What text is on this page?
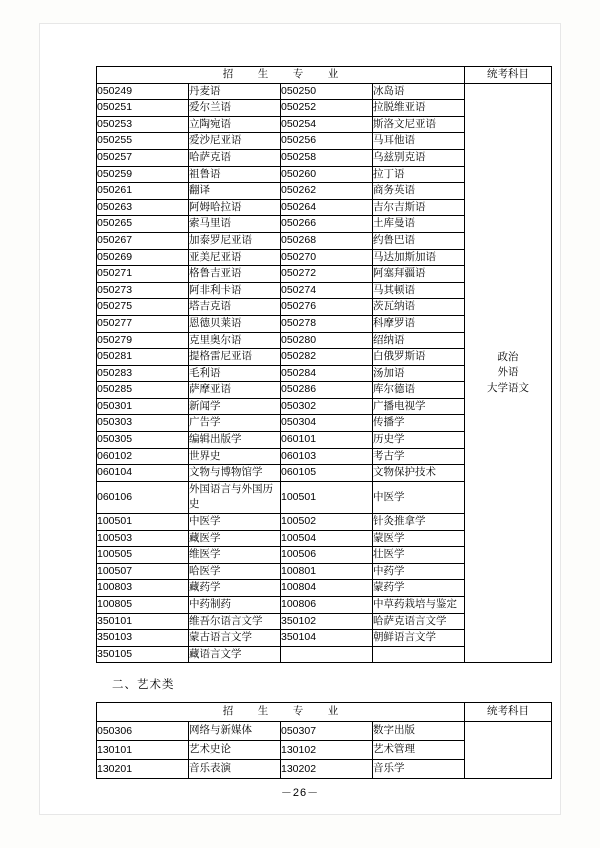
招　生　专　业				统考科目
050249	丹麦语	050250	冰岛语	政治
外语
大学语文

050251	爱尔兰语	050252	拉脱维亚语	
050253	立陶宛语	050254	斯洛文尼亚语	
050255	爱沙尼亚语	050256	马耳他语	
050257	哈萨克语	050258	乌兹别克语	
050259	祖鲁语	050260	拉丁语	
050261	翻译	050262	商务英语	
050263	阿姆哈拉语	050264	吉尔吉斯语	
050265	索马里语	050266	土库曼语	
050267	加泰罗尼亚语	050268	约鲁巴语	
050269	亚美尼亚语	050270	马达加斯加语	
050271	格鲁吉亚语	050272	阿塞拜疆语	
050273	阿非利卡语	050274	马其顿语	
050275	塔吉克语	050276	茨瓦纳语	
050277	恩德贝莱语	050278	科摩罗语	
050279	克里奥尔语	050280	绍纳语	
050281	提格雷尼亚语	050282	白俄罗斯语	
050283	毛利语	050284	汤加语	
050285	萨摩亚语	050286	库尔德语	
050301	新闻学	050302	广播电视学	
050303	广告学	050304	传播学	
050305	编辑出版学	060101	历史学	
060102	世界史	060103	考古学	
060104	文物与博物馆学	060105	文物保护技术	
060106	外国语言与外国历史	100501	中医学	
100501	中医学	100502	针灸推拿学	
100503	藏医学	100504	蒙医学	
100505	维医学	100506	壮医学	
100507	哈医学	100801	中药学	
100803	藏药学	100804	蒙药学	
100805	中药制药	100806	中草药栽培与鉴定	
350101	维吾尔语言文学	350102	哈萨克语言文学	
350103	蒙古语言文学	350104	朝鲜语言文学	
350105	藏语言文学			
二、艺术类
招　生　专　业				统考科目
050306	网络与新媒体	050307	数字出版	
130101	艺术史论	130102	艺术管理	
130201	音乐表演	130202	音乐学	
－26－
